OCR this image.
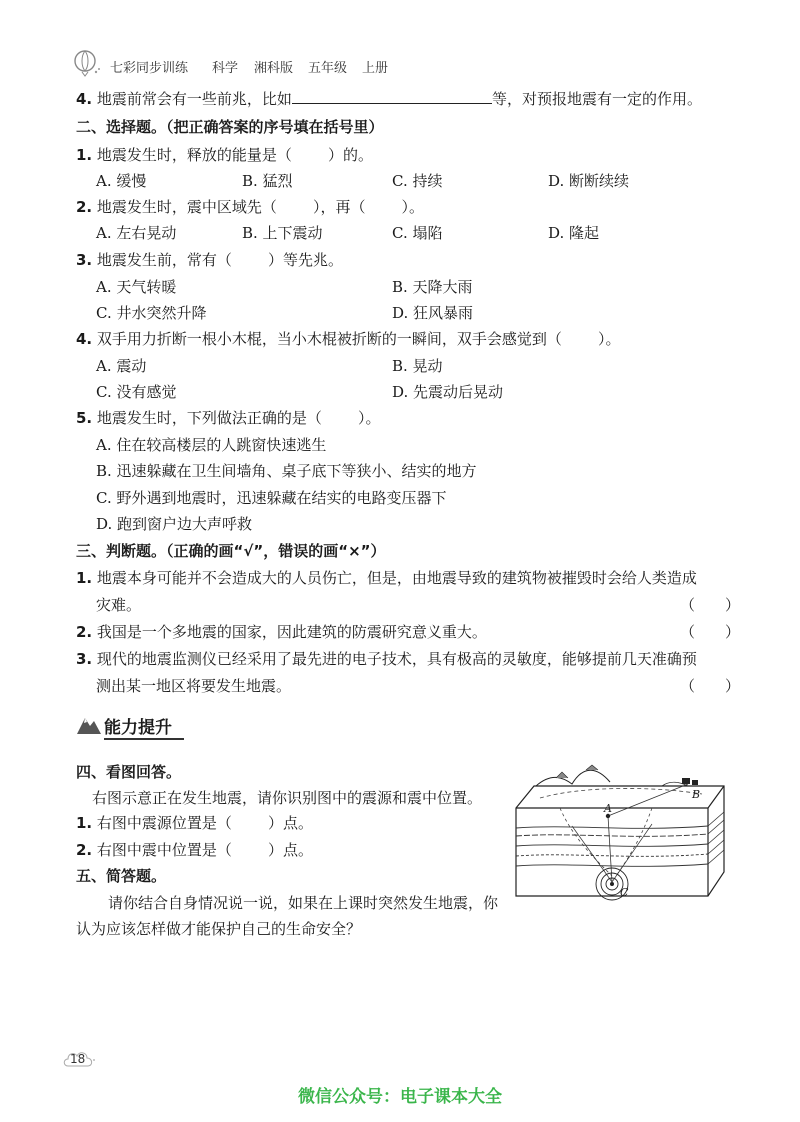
七彩同步训练 科学 湘科版 五年级 上册
4. 地震前常会有一些前兆，比如	等，对预报地震有一定的作用。
二、选择题。（把正确答案的序号填在括号里）
1. 地震发生时，释放的能量是（ ）的。
A. 缓慢	B. 猛烈	C. 持续	D. 断断续续
2. 地震发生时，震中区域先（ ），再（ ）。
A. 左右晃动	B. 上下震动	C. 塌陷	D. 隆起
3. 地震发生前，常有（ ）等先兆。
A. 天气转暖	B. 天降大雨
C. 井水突然升降	D. 狂风暴雨
4. 双手用力折断一根小木棍，当小木棍被折断的一瞬间，双手会感觉到（ ）。
A. 震动	B. 晃动
C. 没有感觉	D. 先震动后晃动
5. 地震发生时，下列做法正确的是（ ）。
A. 住在较高楼层的人跳窗快速逃生
B. 迅速躲藏在卫生间墙角、桌子底下等狭小、结实的地方
C. 野外遇到地震时，迅速躲藏在结实的电路变压器下
D. 跑到窗户边大声呼救
三、判断题。（正确的画“√”，错误的画“×”）
1. 地震本身可能并不会造成大的人员伤亡，但是，由地震导致的建筑物被摧毁时会给人类造成
灾难。	（　　）
2. 我国是一个多地震的国家，因此建筑的防震研究意义重大。	（　　）
3. 现代的地震监测仪已经采用了最先进的电子技术，具有极高的灵敏度，能够提前几天准确预
测出某一地区将要发生地震。	（　　）
能力提升
四、看图回答。
右图示意正在发生地震，请你识别图中的震源和震中位置。
1. 右图中震源位置是（ ）点。
2. 右图中震中位置是（ ）点。
五、简答题。
请你结合自身情况说一说，如果在上课时突然发生地震，你
认为应该怎样做才能保护自己的生命安全？
A
B
C
18
微信公众号：电子课本大全
